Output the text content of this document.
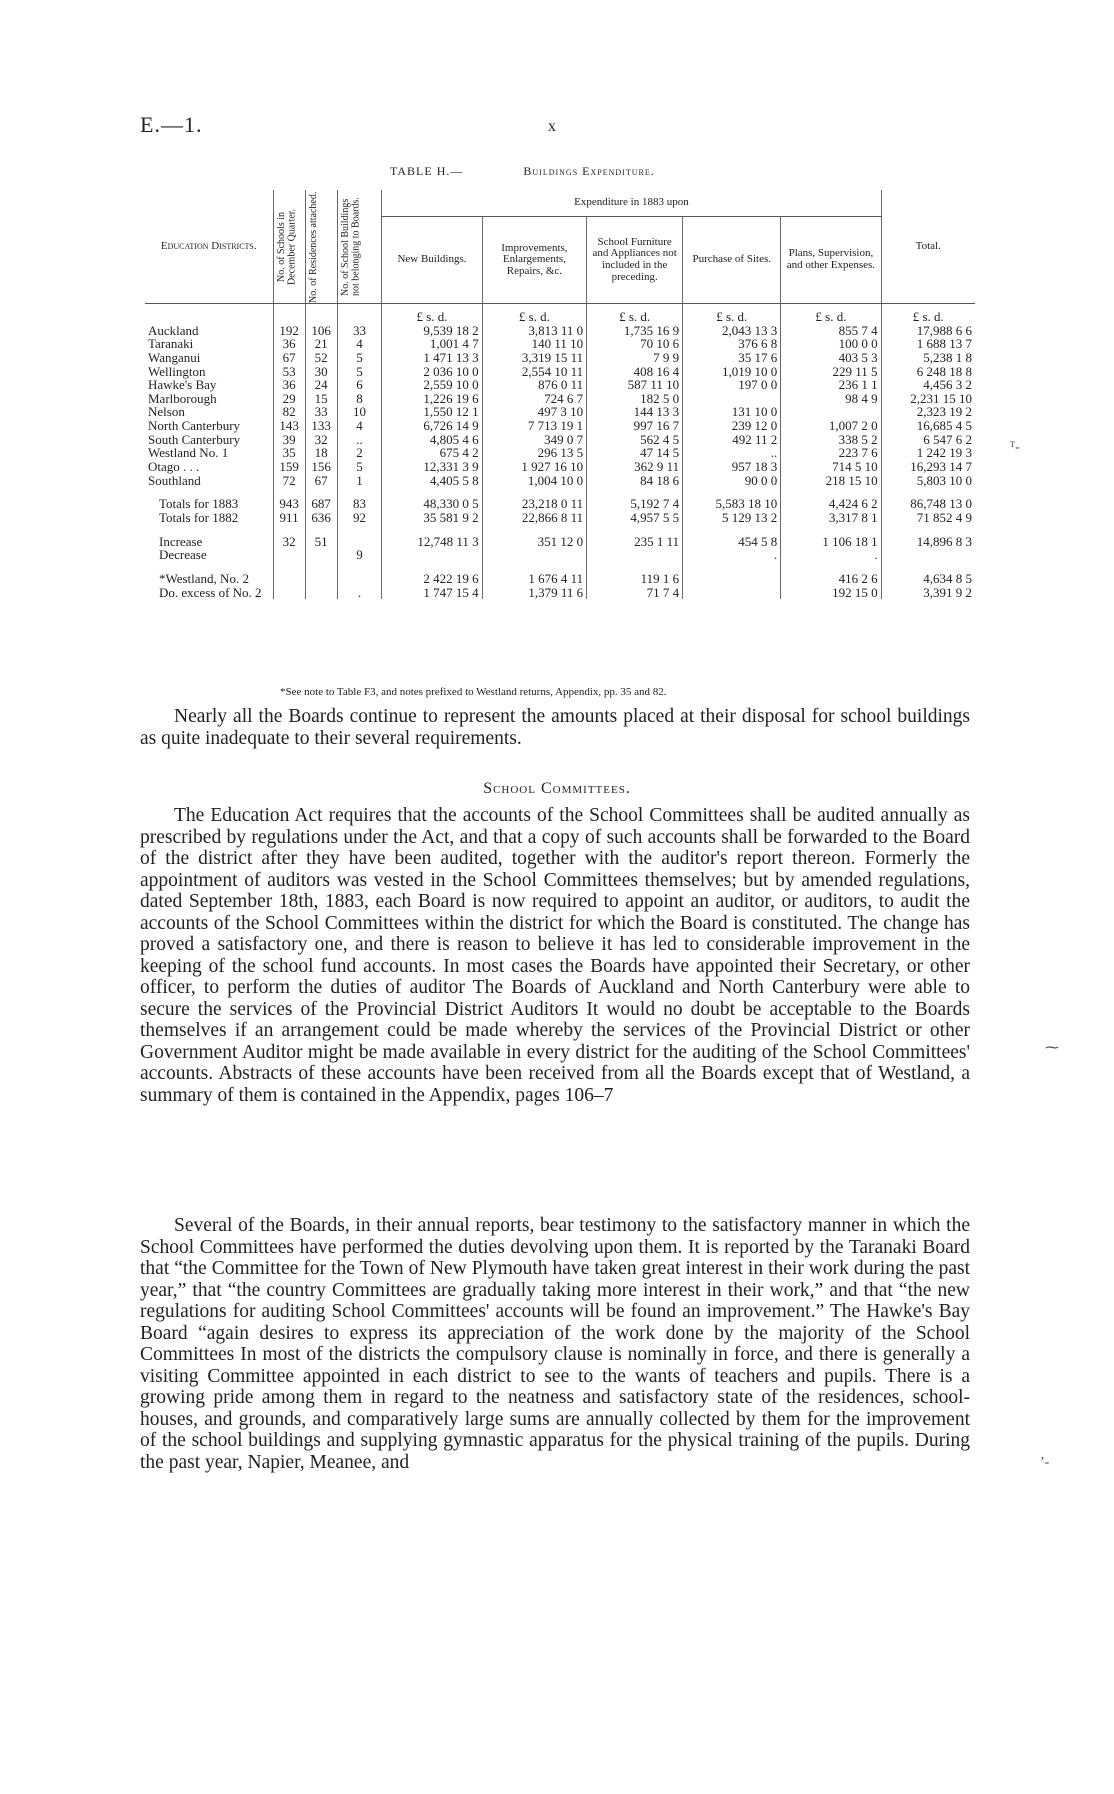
E.—1.	x
TABLE H.—	Buildings Expenditure.
Education Districts.	No. of Schools in December Quarter.	No. of Residences attached.	No. of School Buildings not belonging to Boards.	Expenditure in 1883 upon					Total.
				New Buildings.	Improvements, Enlargements, Repairs, &c.	School Furniture and Appliances not included in the preceding.	Purchase of Sites.	Plans, Supervision, and other Expenses.	
				£ s. d.	£ s. d.	£ s. d.	£ s. d.	£ s. d.	£ s. d.
Auckland	192	106	33	9,539 18 2	3,813 11 0	1,735 16 9	2,043 13 3	855 7 4	17,988 6 6
Taranaki	36	21	4	1,001 4 7	140 11 10	70 10 6	376 6 8	100 0 0	1 688 13 7
Wanganui	67	52	5	1 471 13 3	3,319 15 11	7 9 9	35 17 6	403 5 3	5,238 1 8
Wellington	53	30	5	2 036 10 0	2,554 10 11	408 16 4	1,019 10 0	229 11 5	6 248 18 8
Hawke's Bay	36	24	6	2,559 10 0	876 0 11	587 11 10	197 0 0	236 1 1	4,456 3 2
Marlborough	29	15	8	1,226 19 6	724 6 7	182 5 0		98 4 9	2,231 15 10
Nelson	82	33	10	1,550 12 1	497 3 10	144 13 3	131 10 0		2,323 19 2
North Canterbury	143	133	4	6,726 14 9	7 713 19 1	997 16 7	239 12 0	1,007 2 0	16,685 4 5
South Canterbury	39	32	..	4,805 4 6	349 0 7	562 4 5	492 11 2	338 5 2	6 547 6 2
Westland No. 1	35	18	2	675 4 2	296 13 5	47 14 5	..	223 7 6	1 242 19 3
Otago . . .	159	156	5	12,331 3 9	1 927 16 10	362 9 11	957 18 3	714 5 10	16,293 14 7
Southland	72	67	1	4,405 5 8	1,004 10 0	84 18 6	90 0 0	218 15 10	5,803 10 0

Totals for 1883	943	687	83	48,330 0 5	23,218 0 11	5,192 7 4	5,583 18 10	4,424 6 2	86,748 13 0
Totals for 1882	911	636	92	35 581 9 2	22,866 8 11	4,957 5 5	5 129 13 2	3,317 8 1	71 852 4 9

Increase	32	51		12,748 11 3	351 12 0	235 1 11	454 5 8	1 106 18 1	14,896 8 3
Decrease			9				.	.	

*Westland, No. 2				2 422 19 6	1 676 4 11	119 1 6		416 2 6	4,634 8 5
Do. excess of No. 2			.	1 747 15 4	1,379 11 6	71 7 4		192 15 0	3,391 9 2
*See note to Table F3, and notes prefixed to Westland returns, Appendix, pp. 35 and 82.
Nearly all the Boards continue to represent the amounts placed at their disposal for school buildings as quite inadequate to their several requirements.
School Committees.
The Education Act requires that the accounts of the School Committees shall be audited annually as prescribed by regulations under the Act, and that a copy of such accounts shall be forwarded to the Board of the district after they have been audited, together with the auditor's report thereon. Formerly the appointment of auditors was vested in the School Committees themselves; but by amended regulations, dated September 18th, 1883, each Board is now required to appoint an auditor, or auditors, to audit the accounts of the School Committees within the district for which the Board is constituted. The change has proved a satisfactory one, and there is reason to believe it has led to considerable improvement in the keeping of the school fund accounts. In most cases the Boards have appointed their Secretary, or other officer, to perform the duties of auditor The Boards of Auckland and North Canterbury were able to secure the services of the Provincial District Auditors It would no doubt be acceptable to the Boards themselves if an arrangement could be made whereby the services of the Provincial District or other Government Auditor might be made available in every district for the auditing of the School Committees' accounts. Abstracts of these accounts have been received from all the Boards except that of Westland, a summary of them is contained in the Appendix, pages 106–7
Several of the Boards, in their annual reports, bear testimony to the satisfactory manner in which the School Committees have performed the duties devolving upon them. It is reported by the Taranaki Board that “the Committee for the Town of New Plymouth have taken great interest in their work during the past year,” that “the country Committees are gradually taking more interest in their work,” and that “the new regulations for auditing School Committees' accounts will be found an improvement.” The Hawke's Bay Board “again desires to express its appreciation of the work done by the majority of the School Committees In most of the districts the compulsory clause is nominally in force, and there is generally a visiting Committee appointed in each district to see to the wants of teachers and pupils. There is a growing pride among them in regard to the neatness and satisfactory state of the residences, school-houses, and grounds, and comparatively large sums are annually collected by them for the improvement of the school buildings and supplying gymnastic apparatus for the physical training of the pupils. During the past year, Napier, Meanee, and
ᵀ‑
⁓
ʼ‑
